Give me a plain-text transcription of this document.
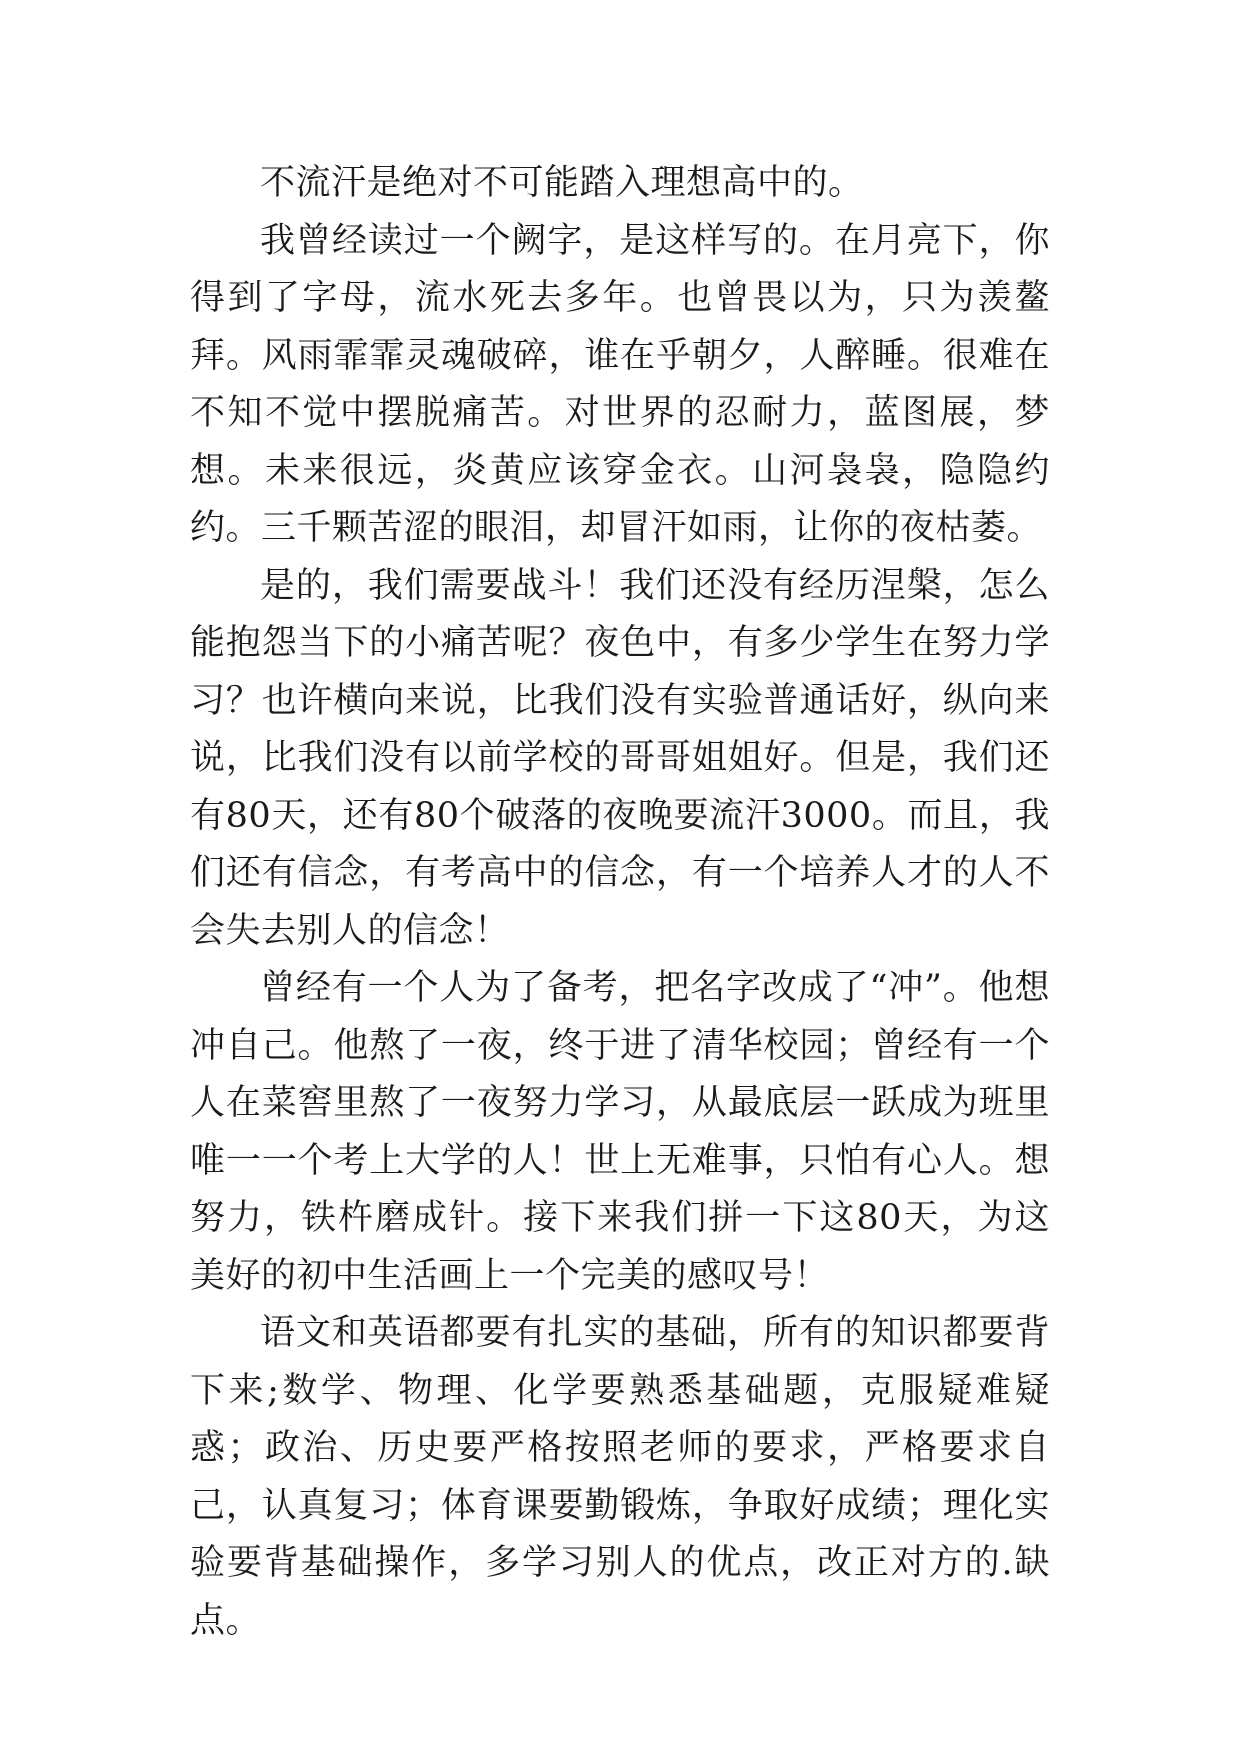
不流汗是绝对不可能踏入理想高中的。

我曾经读过一个阙字，是这样写的。在月亮下，你得到了字母，流水死去多年。也曾畏以为，只为羡鳌拜。风雨霏霏灵魂破碎，谁在乎朝夕，人醉睡。很难在不知不觉中摆脱痛苦。对世界的忍耐力，蓝图展，梦想。未来很远，炎黄应该穿金衣。山河袅袅，隐隐约约。三千颗苦涩的眼泪，却冒汗如雨，让你的夜枯萎。

是的，我们需要战斗！我们还没有经历涅槃，怎么能抱怨当下的小痛苦呢？夜色中，有多少学生在努力学习？也许横向来说，比我们没有实验普通话好，纵向来说，比我们没有以前学校的哥哥姐姐好。但是，我们还有80天，还有80个破落的夜晚要流汗3000。而且，我们还有信念，有考高中的信念，有一个培养人才的人不会失去别人的信念！

曾经有一个人为了备考，把名字改成了“冲”。他想冲自己。他熬了一夜，终于进了清华校园；曾经有一个人在菜窖里熬了一夜努力学习，从最底层一跃成为班里唯一一个考上大学的人！世上无难事，只怕有心人。想努力，铁杵磨成针。接下来我们拼一下这80天，为这美好的初中生活画上一个完美的感叹号！

语文和英语都要有扎实的基础，所有的知识都要背下来;数学、物理、化学要熟悉基础题，克服疑难疑惑；政治、历史要严格按照老师的要求，严格要求自己，认真复习；体育课要勤锻炼，争取好成绩；理化实验要背基础操作，多学习别人的优点，改正对方的.缺点。
